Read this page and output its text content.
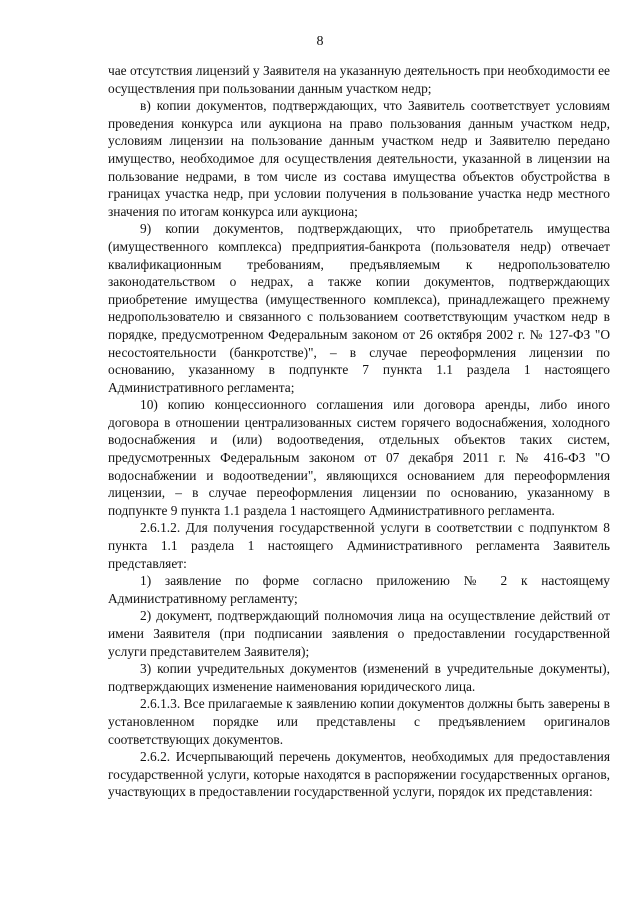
8

чае отсутствия лицензий у Заявителя на указанную деятельность при необходимости ее осуществления при пользовании данным участком недр;

в) копии документов, подтверждающих, что Заявитель соответствует условиям проведения конкурса или аукциона на право пользования данным участком недр, условиям лицензии на пользование данным участком недр и Заявителю передано имущество, необходимое для осуществления деятельности, указанной в лицензии на пользование недрами, в том числе из состава имущества объектов обустройства в границах участка недр, при условии получения в пользование участка недр местного значения по итогам конкурса или аукциона;

9) копии документов, подтверждающих, что приобретатель имущества (имущественного комплекса) предприятия-банкрота (пользователя недр) отвечает квалификационным требованиям, предъявляемым к недропользователю законодательством о недрах, а также копии документов, подтверждающих приобретение имущества (имущественного комплекса), принадлежащего прежнему недропользователю и связанного с пользованием соответствующим участком недр в порядке, предусмотренном Федеральным законом от 26 октября 2002 г. № 127-ФЗ "О несостоятельности (банкротстве)", – в случае переоформления лицензии по основанию, указанному в подпункте 7 пункта 1.1 раздела 1 настоящего Административного регламента;

10) копию концессионного соглашения или договора аренды, либо иного договора в отношении централизованных систем горячего водоснабжения, холодного водоснабжения и (или) водоотведения, отдельных объектов таких систем, предусмотренных Федеральным законом от 07 декабря 2011 г. № 416-ФЗ "О водоснабжении и водоотведении", являющихся основанием для переоформления лицензии, – в случае переоформления лицензии по основанию, указанному в подпункте 9 пункта 1.1 раздела 1 настоящего Административного регламента.

2.6.1.2. Для получения государственной услуги в соответствии с подпунктом 8 пункта 1.1 раздела 1 настоящего Административного регламента Заявитель представляет:

1) заявление по форме согласно приложению № 2 к настоящему Административному регламенту;

2) документ, подтверждающий полномочия лица на осуществление действий от имени Заявителя (при подписании заявления о предоставлении государственной услуги представителем Заявителя);

3) копии учредительных документов (изменений в учредительные документы), подтверждающих изменение наименования юридического лица.

2.6.1.3. Все прилагаемые к заявлению копии документов должны быть заверены в установленном порядке или представлены с предъявлением оригиналов соответствующих документов.

2.6.2. Исчерпывающий перечень документов, необходимых для предоставления государственной услуги, которые находятся в распоряжении государственных органов, участвующих в предоставлении государственной услуги, порядок их представления:
